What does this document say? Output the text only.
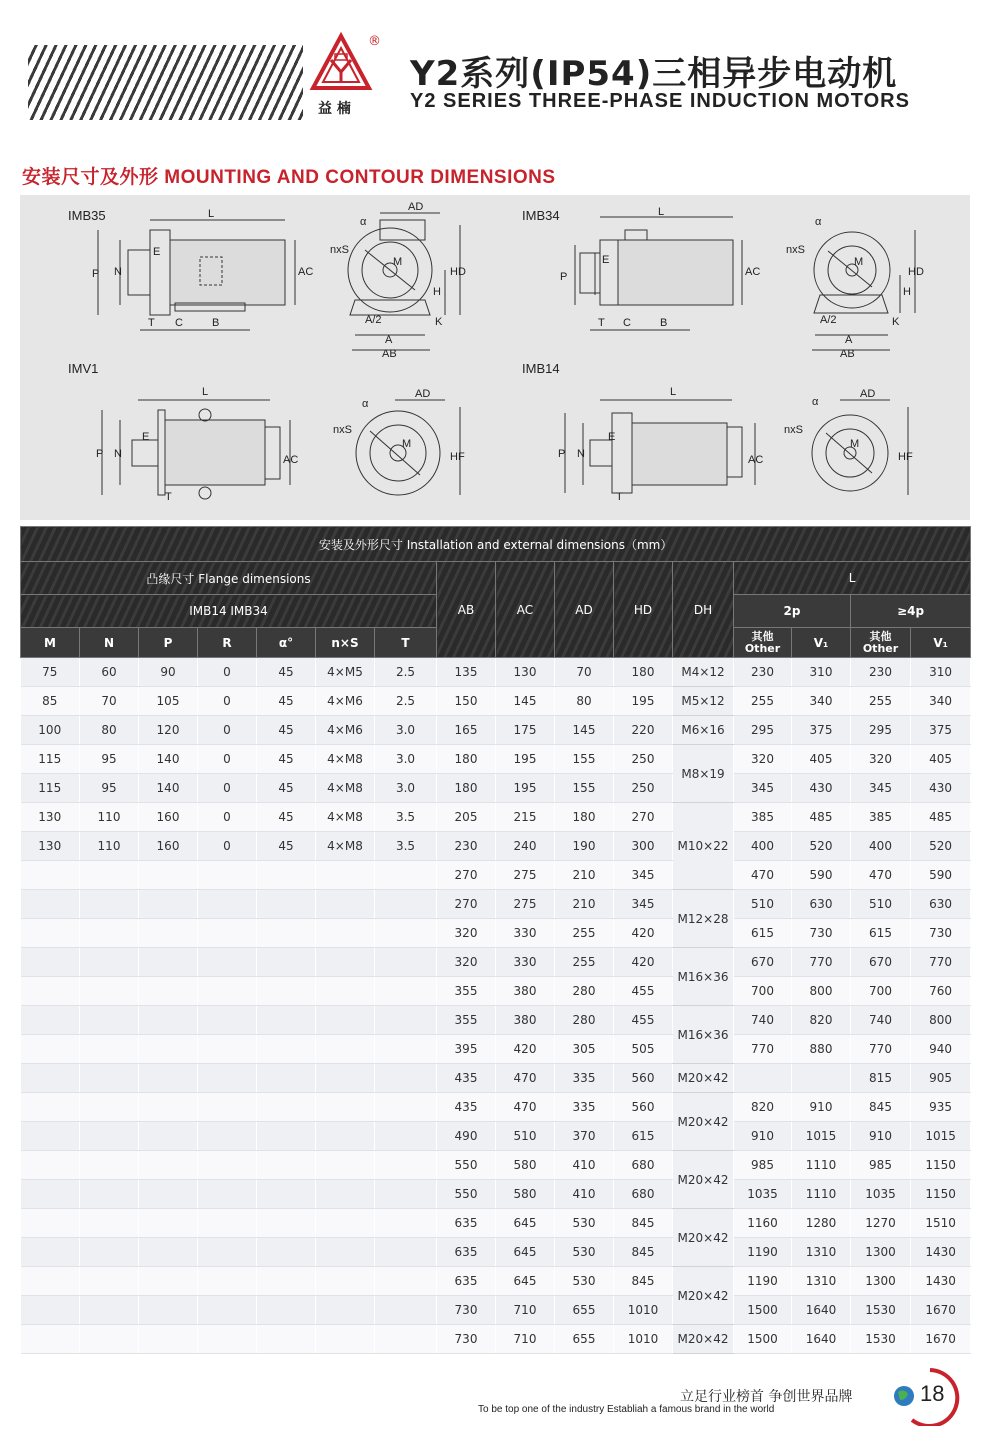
®
益 楠
Y2系列(IP54)三相异步电动机
Y2 SERIES THREE-PHASE INDUCTION MOTORS
安装尺寸及外形 MOUNTING AND CONTOUR DIMENSIONS
IMB35	IMB34
IMV1	IMB14
L
P N
E
T C	B
AC
AD
nxS
M
α
H
HD
A/2
A
AB
K
L
P
E
T C	B
AC
nxS
M
α
H
HD
A/2
A
AB
K
L
P N
E
T
AC
AD
nxS
M
α
HF
L
P N
E
T
AC
AD
nxS
M
α
HF
安装及外形尺寸 Installation and external dimensions（mm）															
凸缘尺寸 Flange dimensions							AB	AC	AD	HD	DH	L			
IMB14 IMB34												2p		≥4p	
M	N	P	R	α°	n×S	T						其他
Other	V₁	其他
Other	V₁
75	60	90	0	45	4×M5	2.5	135	130	70	180	M4×12	230	310	230	310
85	70	105	0	45	4×M6	2.5	150	145	80	195	M5×12	255	340	255	340
100	80	120	0	45	4×M6	3.0	165	175	145	220	M6×16	295	375	295	375
115	95	140	0	45	4×M8	3.0	180	195	155	250	M8×19	320	405	320	405
115	95	140	0	45	4×M8	3.0	180	195	155	250		345	430	345	430
130	110	160	0	45	4×M8	3.5	205	215	180	270	M10×22	385	485	385	485
130	110	160	0	45	4×M8	3.5	230	240	190	300		400	520	400	520
							270	275	210	345		470	590	470	590
							270	275	210	345	M12×28	510	630	510	630
							320	330	255	420		615	730	615	730
							320	330	255	420	M16×36	670	770	670	770
							355	380	280	455		700	800	700	760
							355	380	280	455	M16×36	740	820	740	800
							395	420	305	505		770	880	770	940
							435	470	335	560	M20×42			815	905
							435	470	335	560	M20×42	820	910	845	935
							490	510	370	615		910	1015	910	1015
							550	580	410	680	M20×42	985	1110	985	1150
							550	580	410	680		1035	1110	1035	1150
							635	645	530	845	M20×42	1160	1280	1270	1510
							635	645	530	845		1190	1310	1300	1430
							635	645	530	845	M20×42	1190	1310	1300	1430
							730	710	655	1010		1500	1640	1530	1670
							730	710	655	1010	M20×42	1500	1640	1530	1670
立足行业榜首 争创世界品牌
To be top one of the industry Establiah a famous brand in the world
18
